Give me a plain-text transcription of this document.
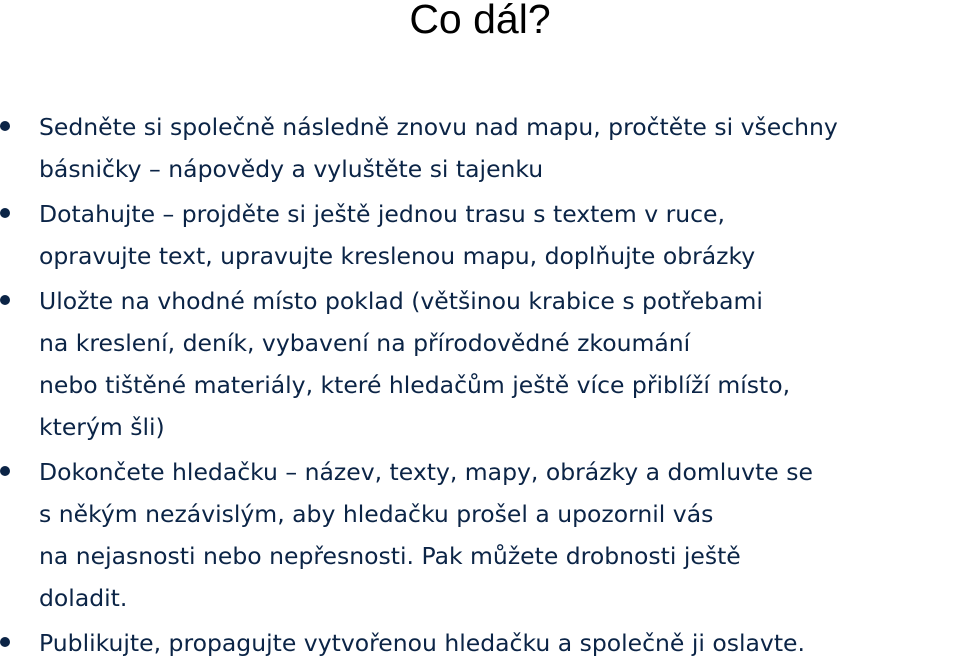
Co dál?
Sedněte si společně následně znovu nad mapu, pročtěte si všechny
básničky – nápovědy a vyluštěte si tajenku
Dotahujte – projděte si ještě jednou trasu s textem v ruce,
opravujte text, upravujte kreslenou mapu, doplňujte obrázky
Uložte na vhodné místo poklad (většinou krabice s potřebami
na kreslení, deník, vybavení na přírodovědné zkoumání
nebo tištěné materiály, které hledačům ještě více přiblíží místo,
kterým šli)
Dokončete hledačku – název, texty, mapy, obrázky a domluvte se
s někým nezávislým, aby hledačku prošel a upozornil vás
na nejasnosti nebo nepřesnosti. Pak můžete drobnosti ještě
doladit.
Publikujte, propagujte vytvořenou hledačku a společně ji oslavte.
